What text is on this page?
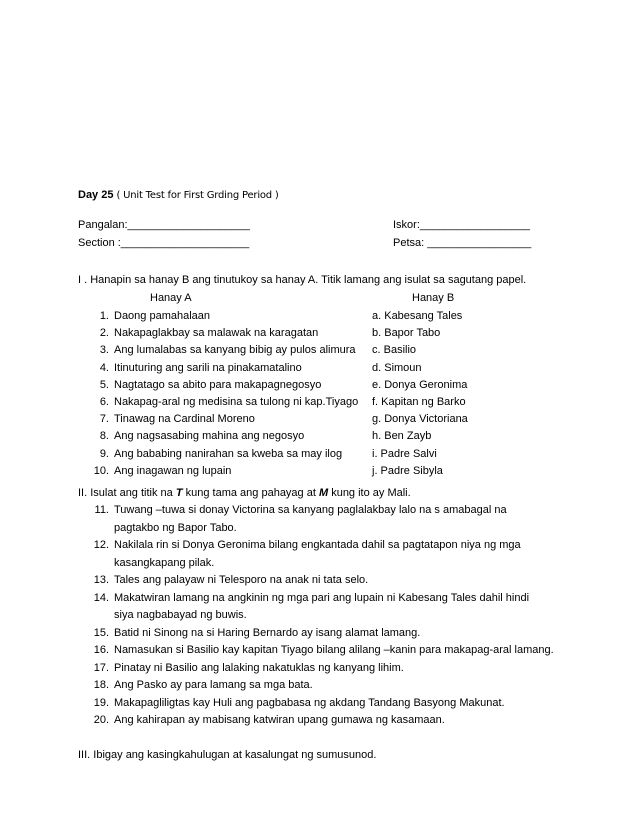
Day 25 ( Unit Test for First Grding Period )
Pangalan:____________________	Iskor:__________________
Section :_____________________	Petsa: _________________
I . Hanapin sa hanay B ang tinutukoy sa hanay A. Titik lamang ang isulat sa sagutang papel.
Hanay A	Hanay B
1. Daong pamahalaan	a. Kabesang Tales
2. Nakapaglakbay sa malawak na karagatan	b. Bapor Tabo
3. Ang lumalabas sa kanyang bibig ay pulos alimura c. Basilio
4. Itinuturing ang sarili na pinakamatalino	d. Simoun
5. Nagtatago sa abito para makapagnegosyo	e. Donya Geronima
6. Nakapag-aral ng medisina sa tulong ni kap.Tiyago f. Kapitan ng Barko
7. Tinawag na Cardinal Moreno	g. Donya Victoriana
8. Ang nagsasabing mahina ang negosyo	h. Ben Zayb
9. Ang bababing nanirahan sa kweba sa may ilog	i. Padre Salvi
10. Ang inagawan ng lupain	j. Padre Sibyla
II. Isulat ang titik na T kung tama ang pahayag at M kung ito ay Mali.
11. Tuwang –tuwa si donay Victorina sa kanyang paglalakbay lalo na s amabagal na
pagtakbo ng Bapor Tabo.
12. Nakilala rin si Donya Geronima bilang engkantada dahil sa pagtatapon niya ng mga
kasangkapang pilak.
13. Tales ang palayaw ni Telesporo na anak ni tata selo.
14. Makatwiran lamang na angkinin ng mga pari ang lupain ni Kabesang Tales dahil hindi
siya nagbabayad ng buwis.
15. Batid ni Sinong na si Haring Bernardo ay isang alamat lamang.
16. Namasukan si Basilio kay kapitan Tiyago bilang alilang –kanin para makapag-aral lamang.
17. Pinatay ni Basilio ang lalaking nakatuklas ng kanyang lihim.
18. Ang Pasko ay para lamang sa mga bata.
19. Makapagliligtas kay Huli ang pagbabasa ng akdang Tandang Basyong Makunat.
20. Ang kahirapan ay mabisang katwiran upang gumawa ng kasamaan.
III. Ibigay ang kasingkahulugan at kasalungat ng sumusunod.
